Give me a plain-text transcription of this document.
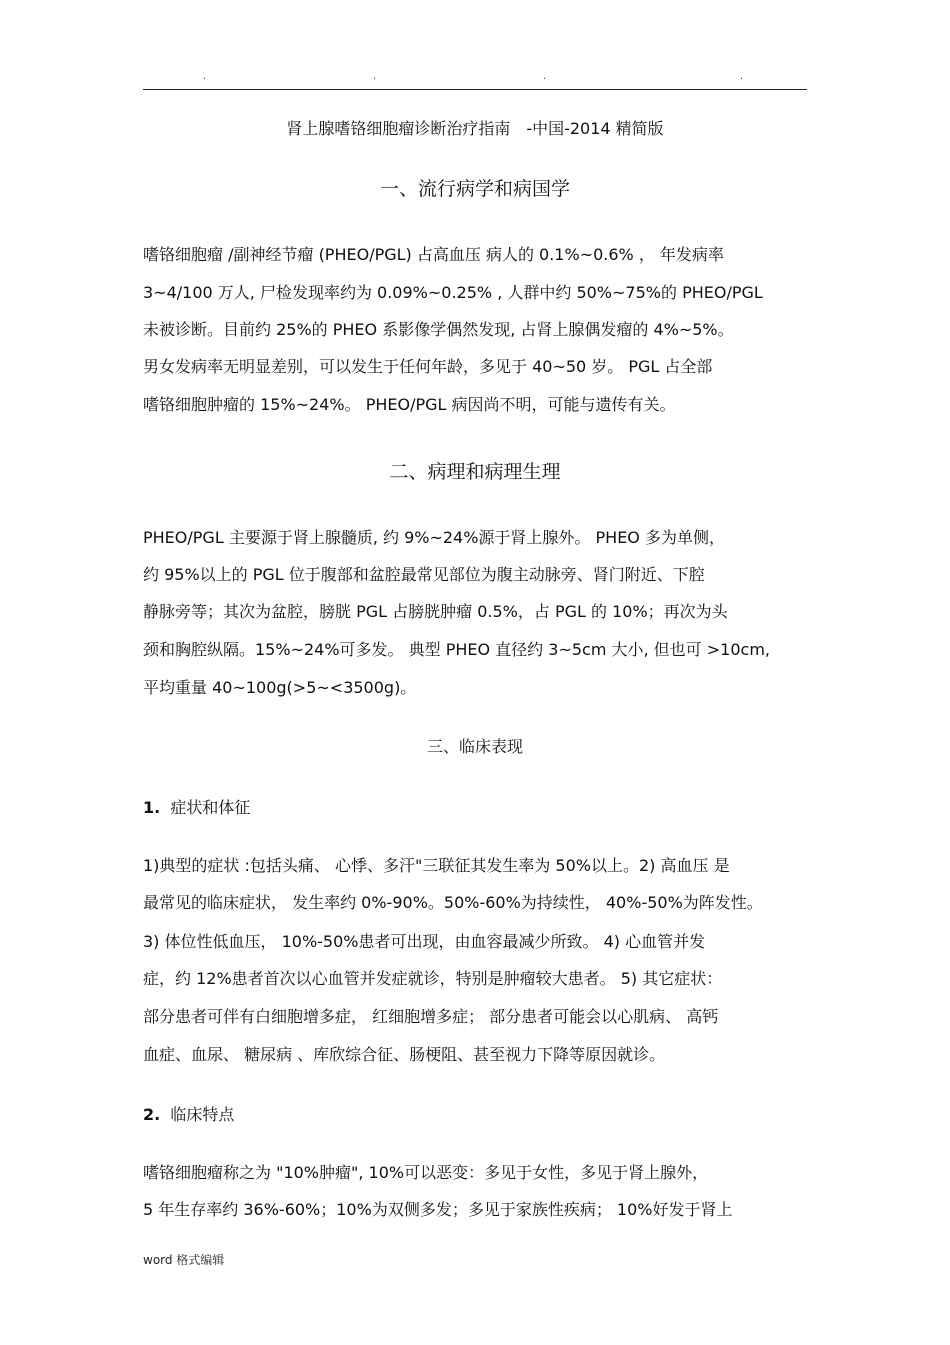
.	.	.	.
肾上腺嗜铬细胞瘤诊断治疗指南　-中国-2014 精简版
一、流行病学和病国学
嗜铬细胞瘤 /副神经节瘤 (PHEO/PGL) 占高血压 病人的 0.1%~0.6% ， 年发病率
3~4/100 万人, 尸检发现率约为 0.09%~0.25% , 人群中约 50%~75%的 PHEO/PGL
未被诊断。目前约 25%的 PHEO 系影像学偶然发现, 占肾上腺偶发瘤的 4%~5%。
男女发病率无明显差别，可以发生于任何年龄，多见于 40~50 岁。 PGL 占全部
嗜铬细胞肿瘤的 15%~24%。 PHEO/PGL 病因尚不明，可能与遗传有关。
二、病理和病理生理
PHEO/PGL 主要源于肾上腺髓质, 约 9%~24%源于肾上腺外。 PHEO 多为单侧，
约 95%以上的 PGL 位于腹部和盆腔最常见部位为腹主动脉旁、肾门附近、下腔
静脉旁等；其次为盆腔，膀胱 PGL 占膀胱肿瘤 0.5%，占 PGL 的 10%；再次为头
颈和胸腔纵隔。15%~24%可多发。 典型 PHEO 直径约 3~5cm 大小, 但也可 >10cm,
平均重量 40~100g(>5~<3500g)。
三、临床表现
1. 症状和体征
1)典型的症状 :包括头痛、 心悸、多汗"三联征其发生率为 50%以上。2) 高血压 是
最常见的临床症状， 发生率约 0%-90%。50%-60%为持续性， 40%-50%为阵发性。
3) 体位性低血压， 10%-50%患者可出现，由血容最减少所致。 4) 心血管并发
症，约 12%患者首次以心血管并发症就诊，特别是肿瘤较大患者。 5) 其它症状：
部分患者可伴有白细胞增多症， 红细胞增多症； 部分患者可能会以心肌病、 高钙
血症、血尿、 糖尿病 、库欣综合征、肠梗阻、甚至视力下降等原因就诊。
2. 临床特点
嗜铬细胞瘤称之为 "10%肿瘤", 10%可以恶变：多见于女性，多见于肾上腺外，
5 年生存率约 36%-60%；10%为双侧多发；多见于家族性疾病； 10%好发于肾上
word 格式编辑
